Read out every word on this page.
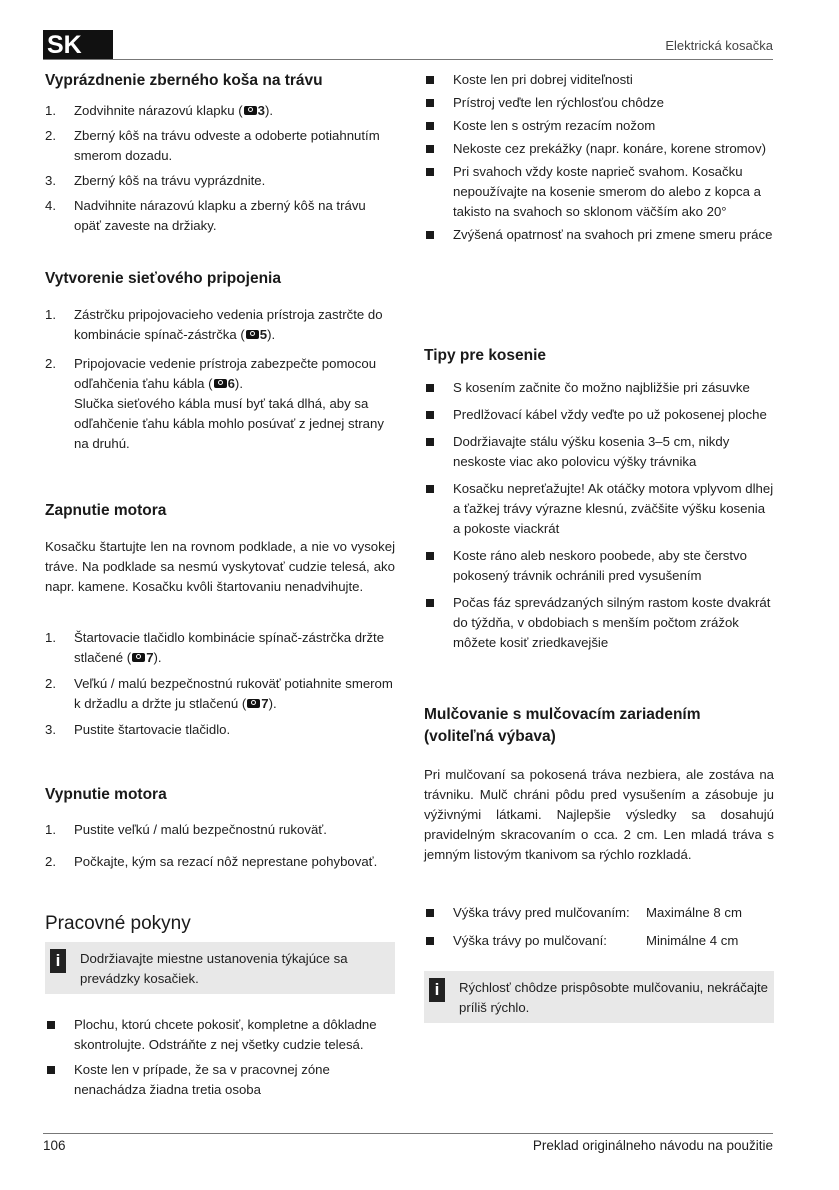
SK	Elektrická kosačka
Vyprázdnenie zberného koša na trávu
1. Zodvihnite nárazovú klapku ( 3).
2. Zberný kôš na trávu odveste a odoberte potiahnutím smerom dozadu.
3. Zberný kôš na trávu vyprázdnite.
4. Nadvihnite nárazovú klapku a zberný kôš na trávu opäť zaveste na držiaky.
Vytvorenie sieťového pripojenia
1. Zástrčku pripojovacieho vedenia prístroja zastrčte do kombinácie spínač-zástrčka ( 5).
2. Pripojovacie vedenie prístroja zabezpečte pomocou odľahčenia ťahu kábla ( 6).
Slučka sieťového kábla musí byť taká dlhá, aby sa odľahčenie ťahu kábla mohlo posúvať z jednej strany na druhú.
Zapnutie motora
Kosačku štartujte len na rovnom podklade, a nie vo vysokej tráve. Na podklade sa nesmú vyskytovať cudzie telesá, ako napr. kamene. Kosačku kvôli štartovaniu nenadvihujte.
1. Štartovacie tlačidlo kombinácie spínač-zástrčka držte stlačené ( 7).
2. Veľkú / malú bezpečnostnú rukoväť potiahnite smerom k držadlu a držte ju stlačenú ( 7).
3. Pustite štartovacie tlačidlo.
Vypnutie motora
1. Pustite veľkú / malú bezpečnostnú rukoväť.
2. Počkajte, kým sa rezací nôž neprestane pohybovať.
Pracovné pokyny
i	Dodržiavajte miestne ustanovenia týkajúce sa prevádzky kosačiek.
Plochu, ktorú chcete pokosiť, kompletne a dôkladne skontrolujte. Odstráňte z nej všetky cudzie telesá.
Koste len v prípade, že sa v pracovnej zóne nenachádza žiadna tretia osoba
Koste len pri dobrej viditeľnosti
Prístroj veďte len rýchlosťou chôdze
Koste len s ostrým rezacím nožom
Nekoste cez prekážky (napr. konáre, korene stromov)
Pri svahoch vždy koste naprieč svahom. Kosačku nepoužívajte na kosenie smerom do alebo z kopca a takisto na svahoch so sklonom väčším ako 20°
Zvýšená opatrnosť na svahoch pri zmene smeru práce
Tipy pre kosenie
S kosením začnite čo možno najbližšie pri zásuvke
Predlžovací kábel vždy veďte po už pokosenej ploche
Dodržiavajte stálu výšku kosenia 3–5 cm, nikdy neskoste viac ako polovicu výšky trávnika
Kosačku nepreťažujte! Ak otáčky motora vplyvom dlhej a ťažkej trávy výrazne klesnú, zväčšite výšku kosenia a pokoste viackrát
Koste ráno aleb neskoro poobede, aby ste čerstvo pokosený trávnik ochránili pred vysušením
Počas fáz sprevádzaných silným rastom koste dvakrát do týždňa, v obdobiach s menším počtom zrážok môžete kosiť zriedkavejšie
Mulčovanie s mulčovacím zariadením
(voliteľná výbava)
Pri mulčovaní sa pokosená tráva nezbiera, ale zostáva na trávniku. Mulč chráni pôdu pred vysušením a zásobuje ju výživnými látkami. Najlepšie výsledky sa dosahujú pravidelným skracovaním o cca. 2 cm. Len mladá tráva s jemným listovým tkanivom sa rýchlo rozkladá.
Výška trávy pred mulčovaním: Maximálne 8 cm
Výška trávy po mulčovaní:	Minimálne 4 cm
i	Rýchlosť chôdze prispôsobte mulčovaniu, nekráčajte príliš rýchlo.
106	Preklad originálneho návodu na použitie
